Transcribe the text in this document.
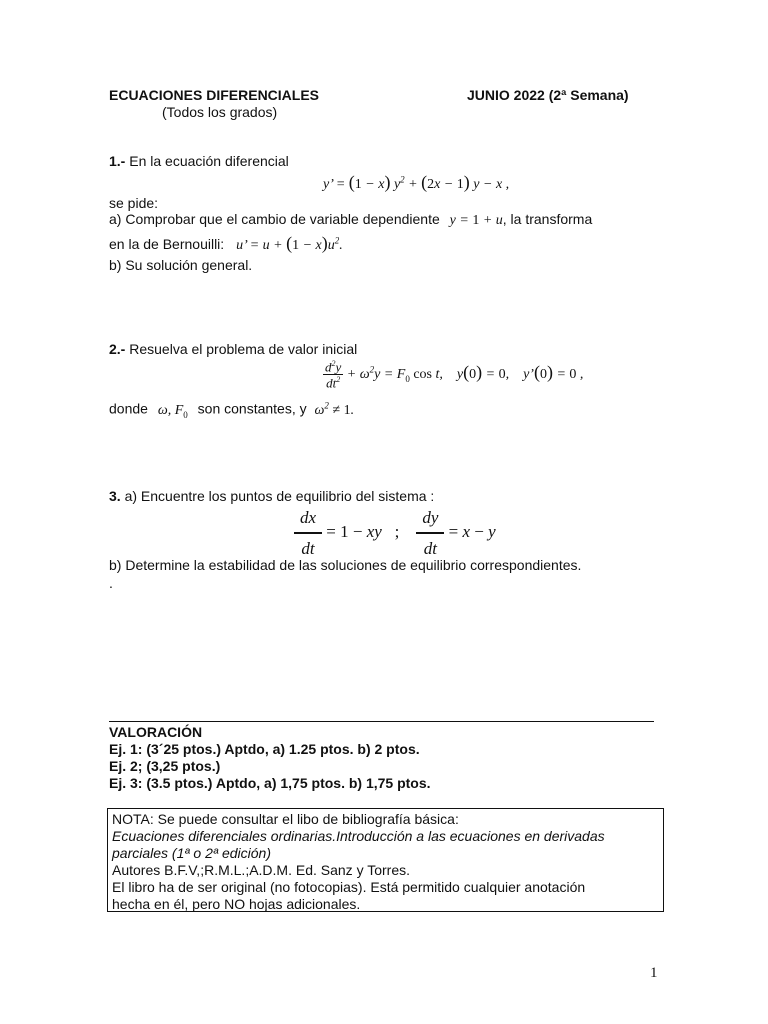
ECUACIONES DIFERENCIALES	JUNIO 2022 (2ª Semana)
(Todos los grados)
1.- En la ecuación diferencial
y’ = (1 − x) $y^2 + (2x - 1) y - x$ ,
se pide:
a) Comprobar que el cambio de variable dependiente y = 1 + u, la transforma
en la de Bernouilli: u’ = $u + (1 - x)u^2$.
b) Su solución general.
2.- Resuelva el problema de valor inicial
$\frac{d^2y}{dt^2} + \omega^2y = F_0$ cos t,    y(0) = 0,    y’(0) = 0 ,
donde ω, $F_0$ son constantes, y $\omega^2 \ne 1$.
3. a) Encuentre los puntos de equilibrio del sistema :
$\frac{dx}{dt} = 1$ − xy   ; $\frac{dy}{dt} = x - y$
b) Determine la estabilidad de las soluciones de equilibrio correspondientes.
.
VALORACIÓN
Ej. 1: (3´25 ptos.) Aptdo, a) 1.25 ptos. b) 2 ptos.
Ej. 2; (3,25 ptos.)
Ej. 3: (3.5 ptos.) Aptdo, a) 1,75 ptos. b) 1,75 ptos.
NOTA: Se puede consultar el libo de bibliografía básica:
Ecuaciones diferenciales ordinarias.Introducción a las ecuaciones en derivadas
parciales (1ª o 2ª edición)
Autores B.F.V,;R.M.L.;A.D.M. Ed. Sanz y Torres.
El libro ha de ser original (no fotocopias). Está permitido cualquier anotación
hecha en él, pero NO hojas adicionales.
1
